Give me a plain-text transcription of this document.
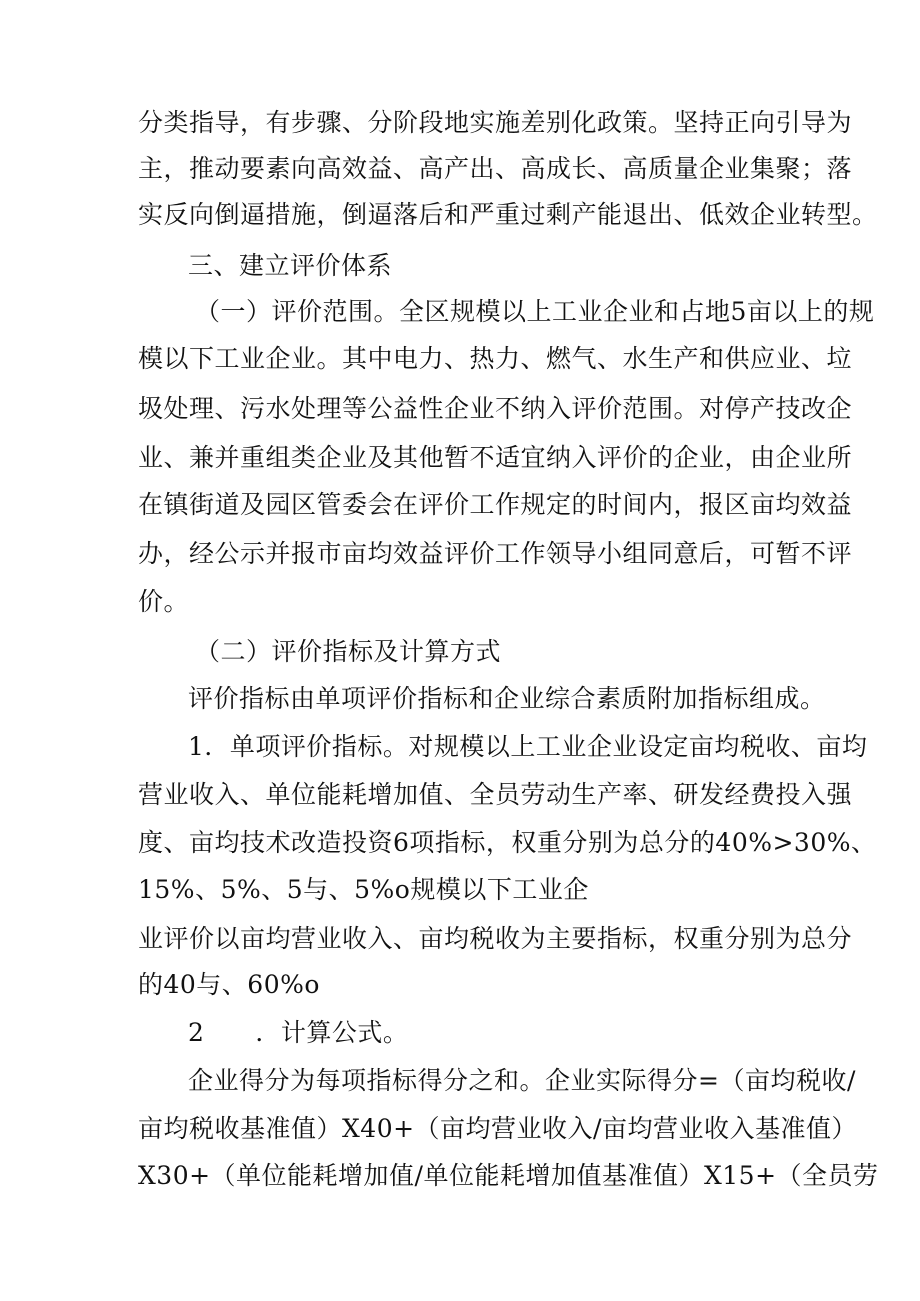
分类指导，有步骤、分阶段地实施差别化政策。坚持正向引导为
主，推动要素向高效益、高产出、高成长、高质量企业集聚；落
实反向倒逼措施，倒逼落后和严重过剩产能退出、低效企业转型。
三、建立评价体系
（一）评价范围。全区规模以上工业企业和占地5亩以上的规
模以下工业企业。其中电力、热力、燃气、水生产和供应业、垃
圾处理、污水处理等公益性企业不纳入评价范围。对停产技改企
业、兼并重组类企业及其他暂不适宜纳入评价的企业，由企业所
在镇街道及园区管委会在评价工作规定的时间内，报区亩均效益
办，经公示并报市亩均效益评价工作领导小组同意后，可暂不评
价。
（二）评价指标及计算方式
评价指标由单项评价指标和企业综合素质附加指标组成。
1．单项评价指标。对规模以上工业企业设定亩均税收、亩均
营业收入、单位能耗增加值、全员劳动生产率、研发经费投入强
度、亩均技术改造投资6项指标，权重分别为总分的40%>30%、
15%、5%、5与、5%o规模以下工业企
业评价以亩均营业收入、亩均税收为主要指标，权重分别为总分
的40与、60%o
2　　．计算公式。
企业得分为每项指标得分之和。企业实际得分=（亩均税收/
亩均税收基准值）X40+（亩均营业收入/亩均营业收入基准值）
X30+（单位能耗增加值/单位能耗增加值基准值）X15+（全员劳
